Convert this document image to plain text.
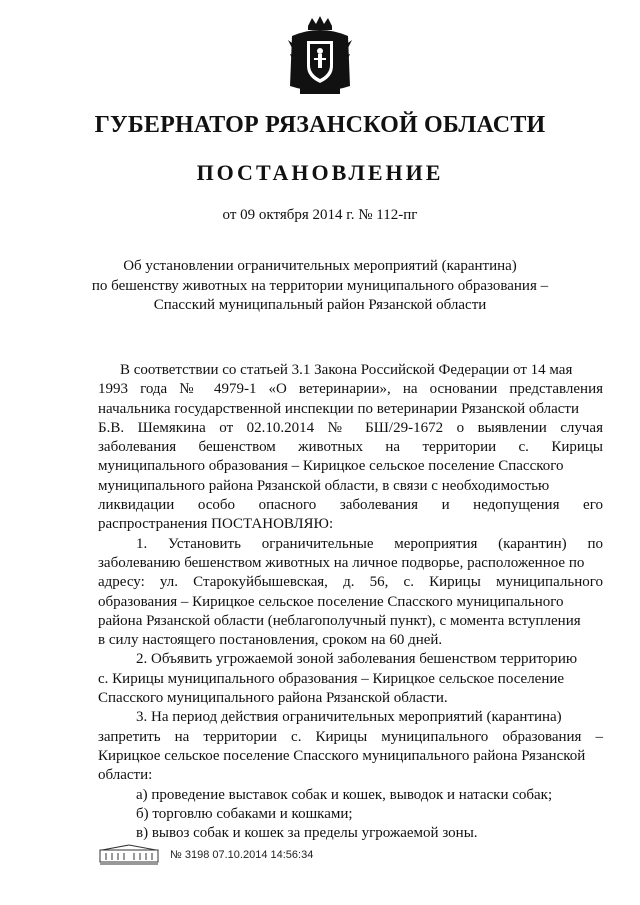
ГУБЕРНАТОР РЯЗАНСКОЙ ОБЛАСТИ
ПОСТАНОВЛЕНИЕ
от 09 октября 2014 г. № 112-пг
Об установлении ограничительных мероприятий (карантина)
по бешенству животных на территории муниципального образования –
Спасский муниципальный район Рязанской области
В соответствии со статьей 3.1 Закона Российской Федерации от 14 мая
1993 года № 4979-1 «О ветеринарии», на основании представления
начальника государственной инспекции по ветеринарии Рязанской области
Б.В. Шемякина от 02.10.2014 № БШ/29-1672 о выявлении случая
заболевания бешенством животных на территории с. Кирицы
муниципального образования – Кирицкое сельское поселение Спасского
муниципального района Рязанской области, в связи с необходимостью
ликвидации особо опасного заболевания и недопущения его
распространения ПОСТАНОВЛЯЮ:
1. Установить ограничительные мероприятия (карантин) по
заболеванию бешенством животных на личное подворье, расположенное по
адресу: ул. Старокуйбышевская, д. 56, с. Кирицы муниципального
образования – Кирицкое сельское поселение Спасского муниципального
района Рязанской области (неблагополучный пункт), с момента вступления
в силу настоящего постановления, сроком на 60 дней.
2. Объявить угрожаемой зоной заболевания бешенством территорию
с. Кирицы муниципального образования – Кирицкое сельское поселение
Спасского муниципального района Рязанской области.
3. На период действия ограничительных мероприятий (карантина)
запретить на территории с. Кирицы муниципального образования –
Кирицкое сельское поселение Спасского муниципального района Рязанской
области:
а) проведение выставок собак и кошек, выводок и натаски собак;
б) торговлю собаками и кошками;
в) вывоз собак и кошек за пределы угрожаемой зоны.
№ 3198 07.10.2014 14:56:34
